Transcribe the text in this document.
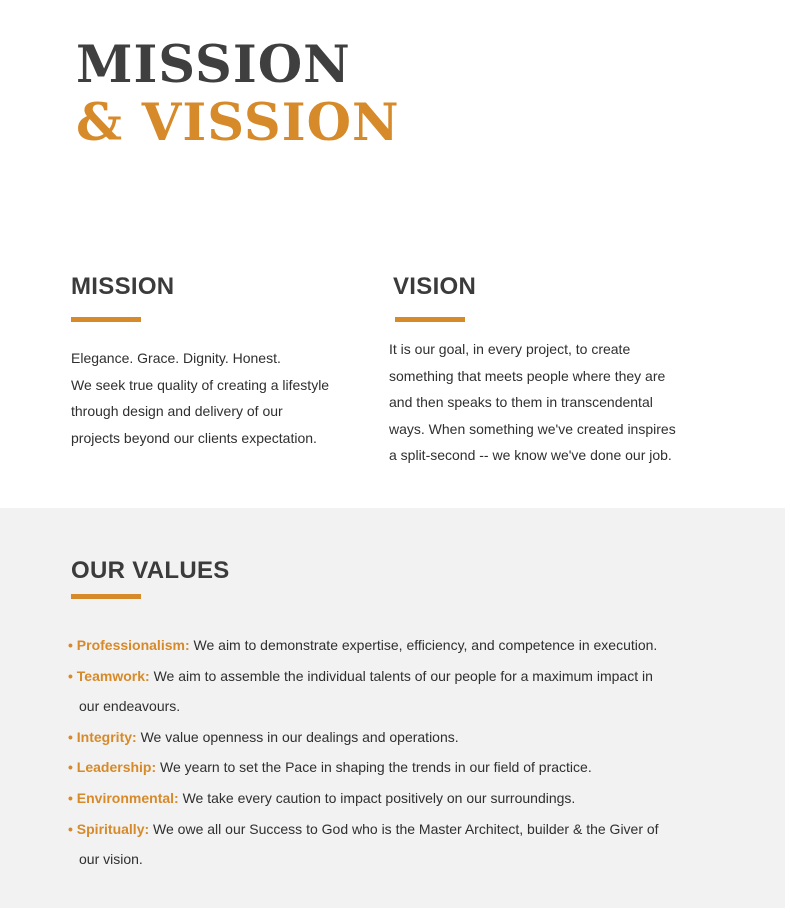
MISSION
& VISSION
MISSION

Elegance. Grace. Dignity. Honest.

We seek true quality of creating a lifestyle

through design and delivery of our

projects beyond our clients expectation.

VISION

It is our goal, in every project, to create

something that meets people where they are

and then speaks to them in transcendental

ways. When something we've created inspires

a split-second -- we know we've done our job.

OUR VALUES
• Professionalism: We aim to demonstrate expertise, efficiency, and competence in execution.
• Teamwork: We aim to assemble the individual talents of our people for a maximum impact in
our endeavours.
• Integrity: We value openness in our dealings and operations.
• Leadership: We yearn to set the Pace in shaping the trends in our field of practice.
• Environmental: We take every caution to impact positively on our surroundings.
• Spiritually: We owe all our Success to God who is the Master Architect, builder & the Giver of
our vision.
